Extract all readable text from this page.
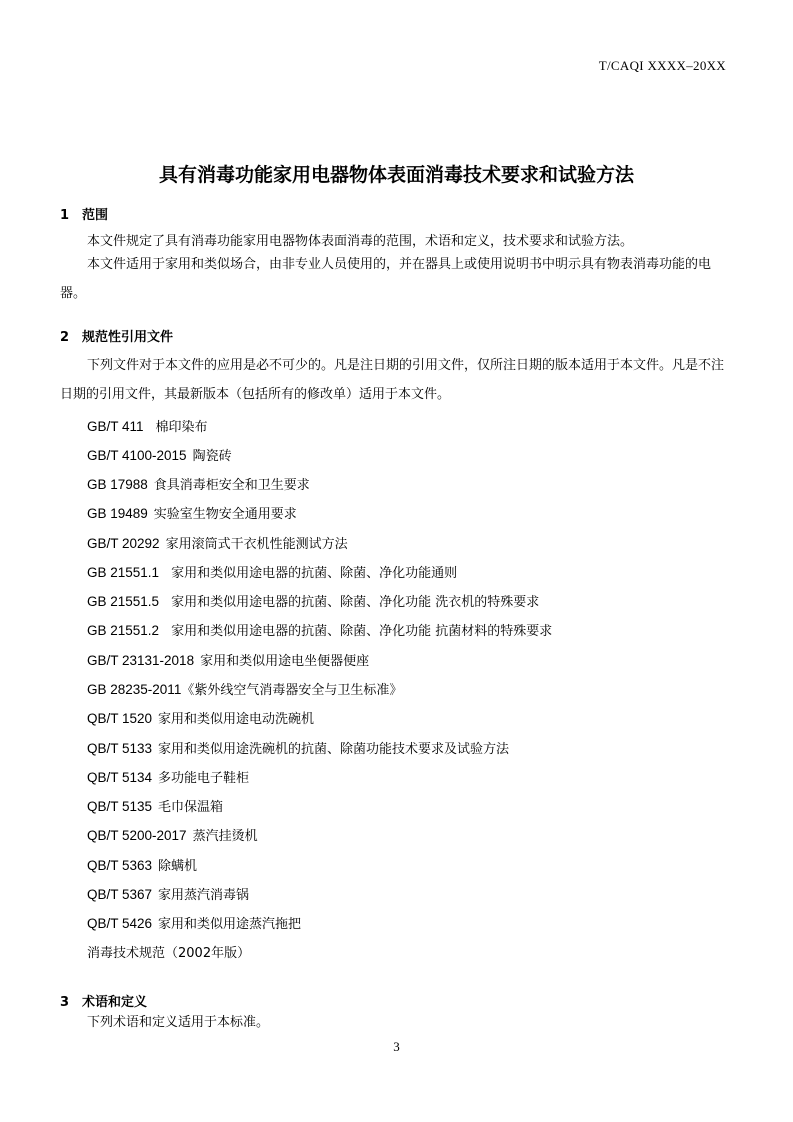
T/CAQI XXXX–20XX
具有消毒功能家用电器物体表面消毒技术要求和试验方法
1 范围
本文件规定了具有消毒功能家用电器物体表面消毒的范围，术语和定义，技术要求和试验方法。
本文件适用于家用和类似场合，由非专业人员使用的，并在器具上或使用说明书中明示具有物表消毒功能的电器。
2 规范性引用文件
下列文件对于本文件的应用是必不可少的。凡是注日期的引用文件，仅所注日期的版本适用于本文件。凡是不注日期的引用文件，其最新版本（包括所有的修改单）适用于本文件。
GB/T 411 棉印染布
GB/T 4100-2015 陶瓷砖
GB 17988 食具消毒柜安全和卫生要求
GB 19489 实验室生物安全通用要求
GB/T 20292 家用滚筒式干衣机性能测试方法
GB 21551.1 家用和类似用途电器的抗菌、除菌、净化功能通则
GB 21551.5 家用和类似用途电器的抗菌、除菌、净化功能 洗衣机的特殊要求
GB 21551.2 家用和类似用途电器的抗菌、除菌、净化功能 抗菌材料的特殊要求
GB/T 23131-2018 家用和类似用途电坐便器便座
GB 28235-2011《紫外线空气消毒器安全与卫生标准》
QB/T 1520 家用和类似用途电动洗碗机
QB/T 5133 家用和类似用途洗碗机的抗菌、除菌功能技术要求及试验方法
QB/T 5134 多功能电子鞋柜
QB/T 5135 毛巾保温箱
QB/T 5200-2017 蒸汽挂烫机
QB/T 5363 除螨机
QB/T 5367 家用蒸汽消毒锅
QB/T 5426 家用和类似用途蒸汽拖把
消毒技术规范（2002年版）
3 术语和定义
下列术语和定义适用于本标准。
3
